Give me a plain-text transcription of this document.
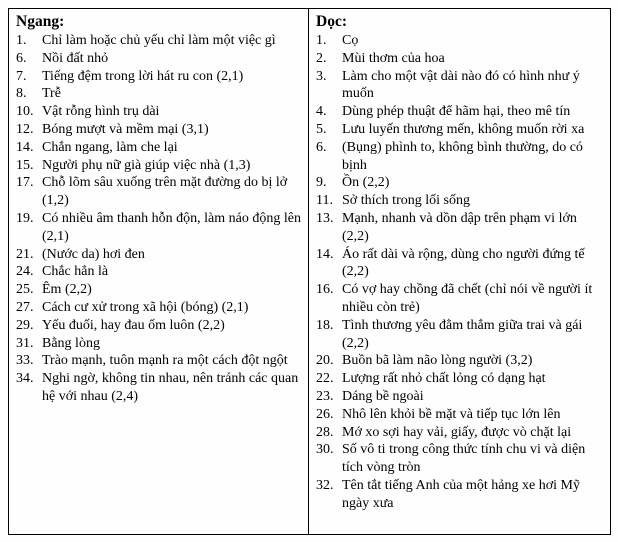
Ngang:
1.	Chỉ làm hoặc chủ yếu chỉ làm một việc gì
6.	Nồi đất nhỏ
7.	Tiếng đệm trong lời hát ru con (2,1)
8.	Trễ
10. Vật rỗng hình trụ dài
12. Bóng mượt và mềm mại (3,1)
14. Chắn ngang, làm che lại
15. Người phụ nữ già giúp việc nhà (1,3)
17. Chỗ lõm sâu xuống trên mặt đường do bị lở (1,2)
19. Có nhiều âm thanh hỗn độn, làm náo động lên (2,1)
21. (Nước da) hơi đen
24. Chắc hẳn là
25. Êm (2,2)
27. Cách cư xử trong xã hội (bóng) (2,1)
29. Yếu đuối, hay đau ốm luôn (2,2)
31. Bằng lòng
33. Trào mạnh, tuôn mạnh ra một cách đột ngột
34. Nghi ngờ, không tin nhau, nên tránh các quan hệ với nhau (2,4)

Dọc:
1.	Cọ
2.	Mùi thơm của hoa
3.	Làm cho một vật dài nào đó có hình như ý muốn
4.	Dùng phép thuật để hãm hại, theo mê tín
5.	Lưu luyến thương mến, không muốn rời xa
6.	(Bụng) phình to, không bình thường, do có bịnh
9.	Ồn (2,2)
11. Sở thích trong lối sống
13. Mạnh, nhanh và dồn dập trên phạm vi lớn (2,2)
14. Áo rất dài và rộng, dùng cho người đứng tế (2,2)
16. Có vợ hay chồng đã chết (chỉ nói về người ít nhiều còn trẻ)
18. Tình thương yêu đằm thắm giữa trai và gái (2,2)
20. Buồn bã làm não lòng người (3,2)
22. Lượng rất nhỏ chất lỏng có dạng hạt
23. Dáng bề ngoài
26. Nhô lên khỏi bề mặt và tiếp tục lớn lên
28. Mớ xo sợi hay vải, giấy, được vò chặt lại
30. Số vô ti trong công thức tính chu vi và diện tích vòng tròn
32. Tên tắt tiếng Anh của một hảng xe hơi Mỹ ngày xưa
